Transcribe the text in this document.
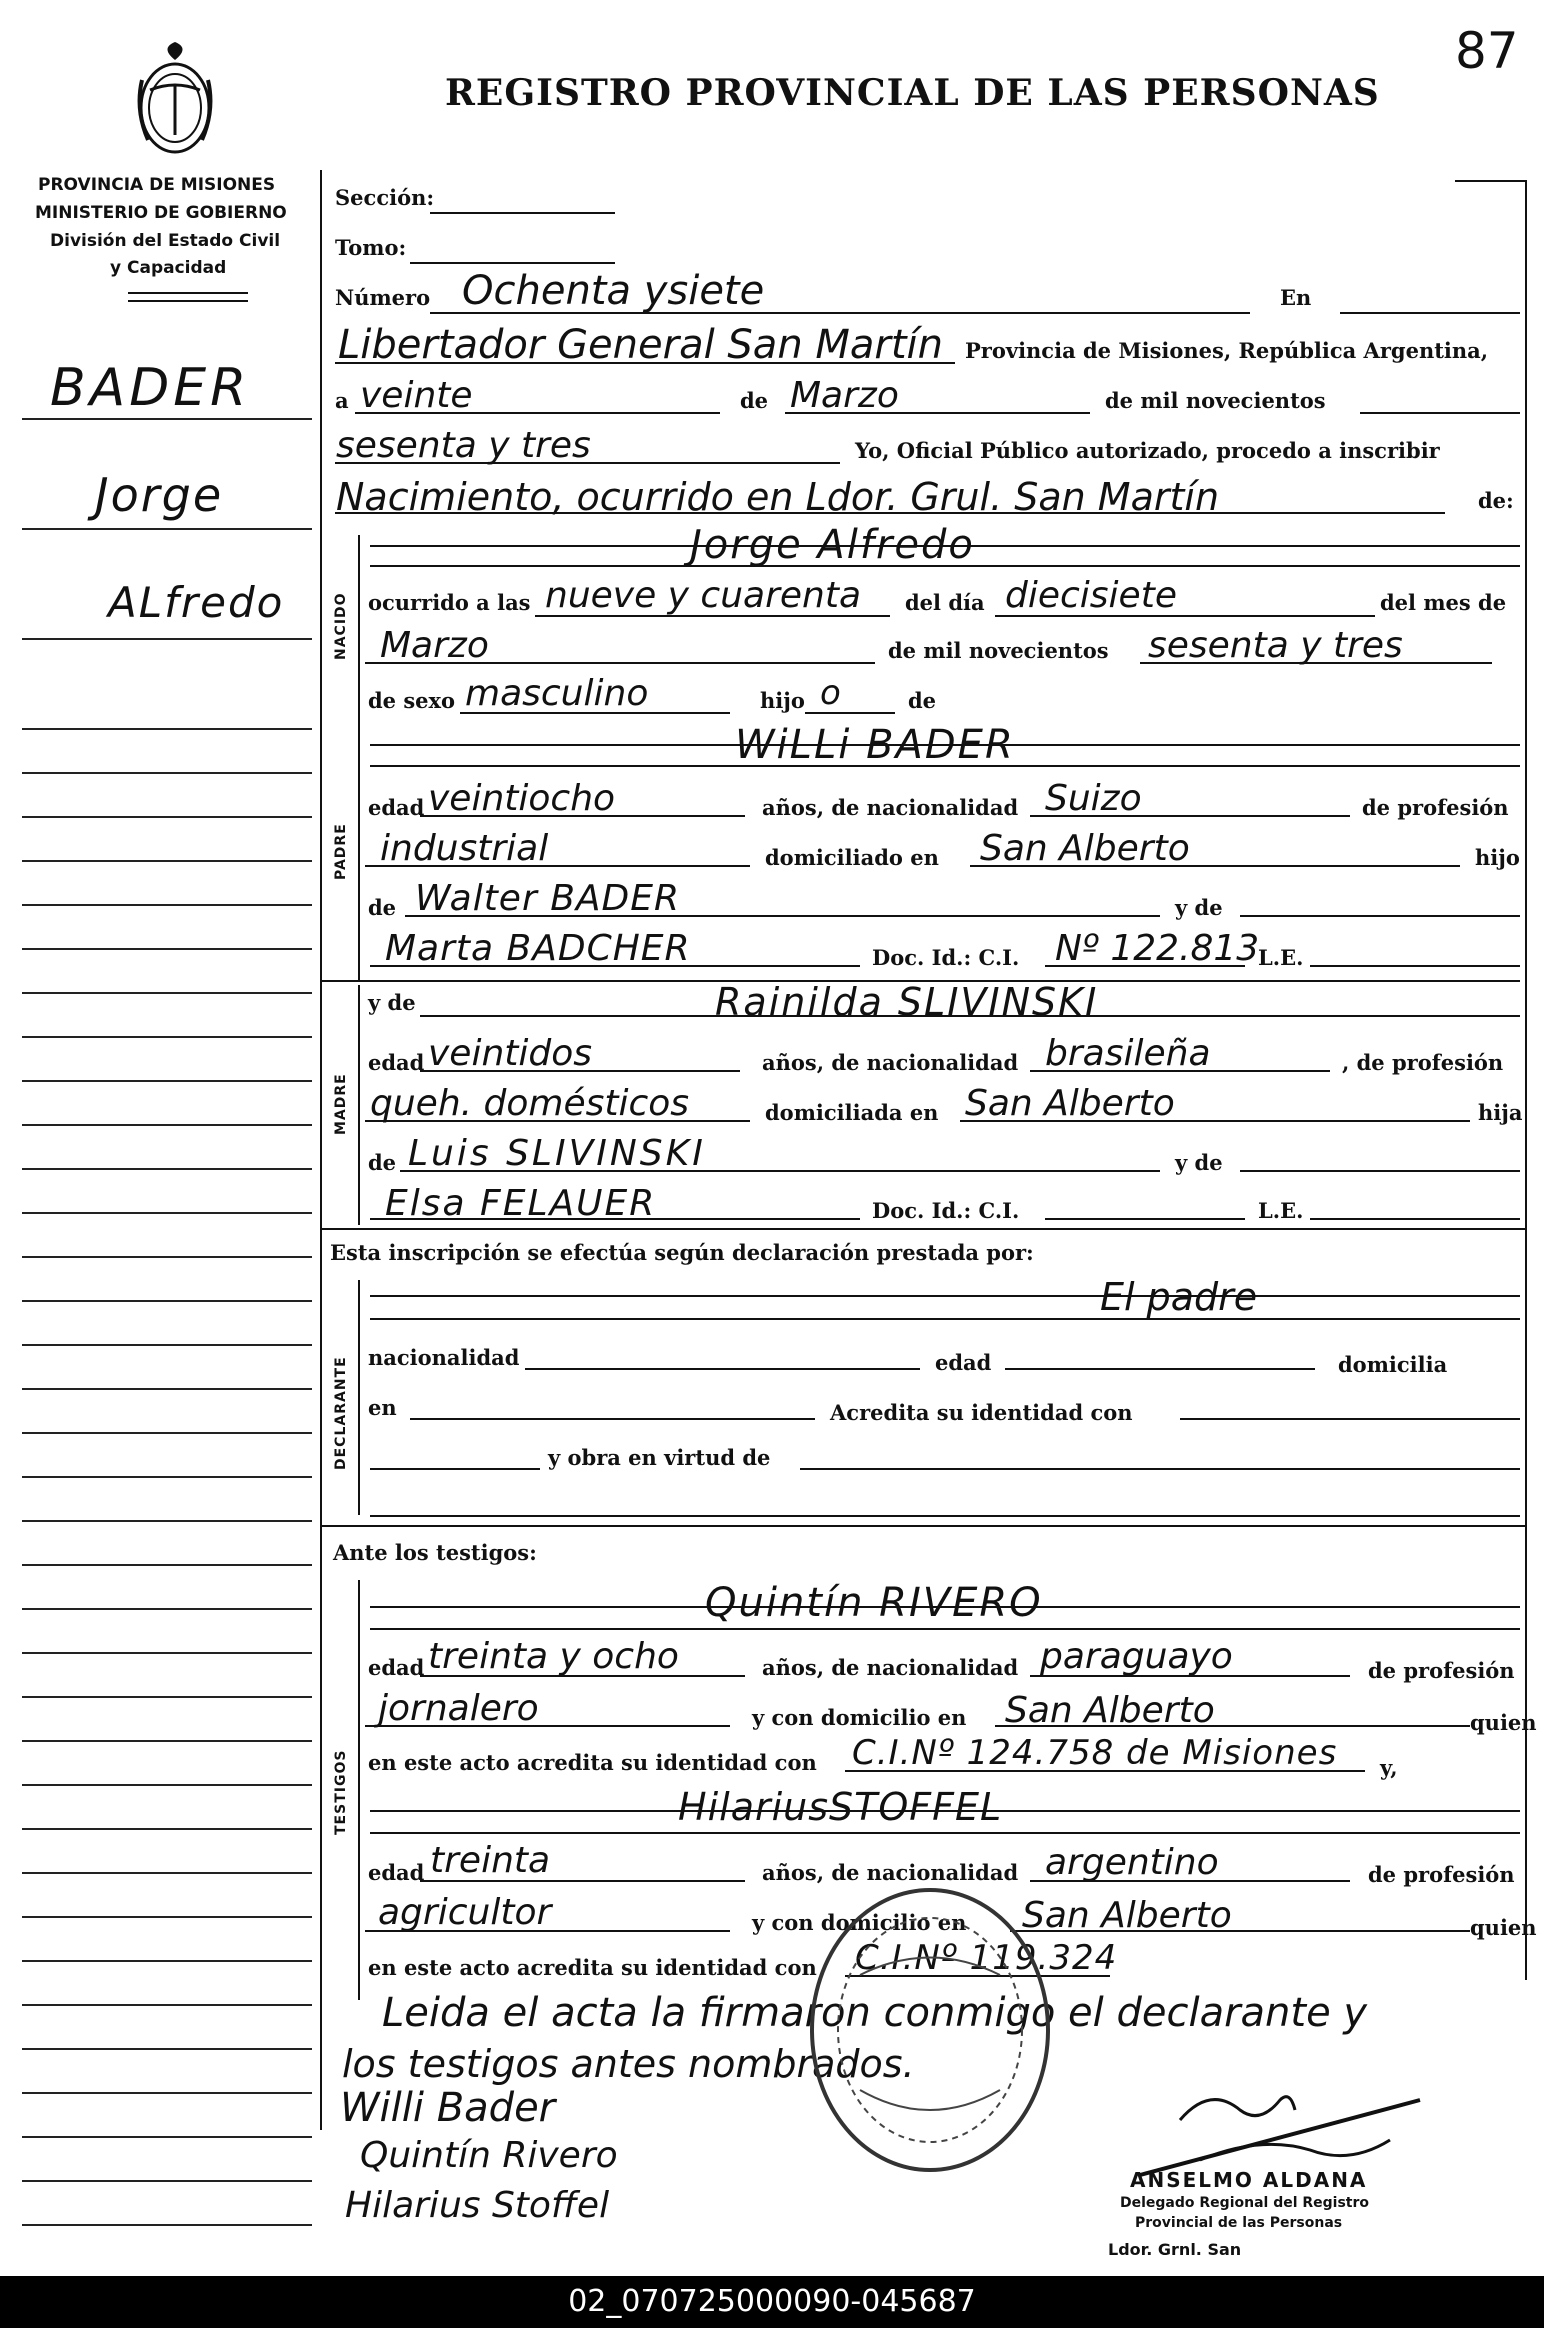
87
REGISTRO PROVINCIAL DE LAS PERSONAS
PROVINCIA DE MISIONES
MINISTERIO DE GOBIERNO
División del Estado Civil
y Capacidad
BADER
Jorge
ALfredo
Sección:
Tomo:
Número Ochenta ysiete	En
Libertador General San Martín Provincia de Misiones, República Argentina,
a veinte	de Marzo	de mil novecientos
sesenta y tres	Yo, Oficial Público autorizado, procedo a inscribir
Nacimiento, ocurrido en Ldor. Grul. San Martín	de:
Jorge Alfredo
NACIDO ocurrido a las nueve y cuarenta del día diecisiete	del mes de
Marzo	de mil novecientos sesenta y tres
de sexo masculino	hijo o	de
WiLLi BADER
PADRE
edad veintiocho	años, de nacionalidad Suizo	de profesión
industrial	domiciliado en San Alberto	hijo
de Walter BADER	y de
Marta BADCHER	Doc. Id.: C.I. Nº 122.813
L.E.
y de	Rainilda SLIVINSKI
MADRE
edad veintidos	años, de nacionalidad brasileña	, de profesión
queh. domésticos	domiciliada en San Alberto	hija
de Luis SLIVINSKI	y de
Elsa FELAUER	Doc. Id.: C.I.	L.E.
Esta inscripción se efectúa según declaración prestada por:
El padre
DECLARANTE nacionalidad	edad	domicilia
en	Acredita su identidad con
y obra en virtud de
Ante los testigos:
Quintín RIVERO
TESTIGOS
edad treinta y ocho	años, de nacionalidad paraguayo	de profesión
jornalero	y con domicilio en San Alberto	quien
en este acto acredita su identidad con C.I.Nº 124.758 de Misiones y,
HilariusSTOFFEL
edad treinta	años, de nacionalidad argentino	de profesión
agricultor	y con domicilio en San Alberto	quien
en este acto acredita su identidad con C.I.Nº 119.324
Leida el acta la firmaron conmigo el declarante y
los testigos antes nombrados.
Willi Bader
Quintín Rivero
Hilarius Stoffel
ANSELMO ALDANA
Delegado Regional del Registro
Provincial de las Personas
Ldor. Grnl. San
02_070725000090-045687
